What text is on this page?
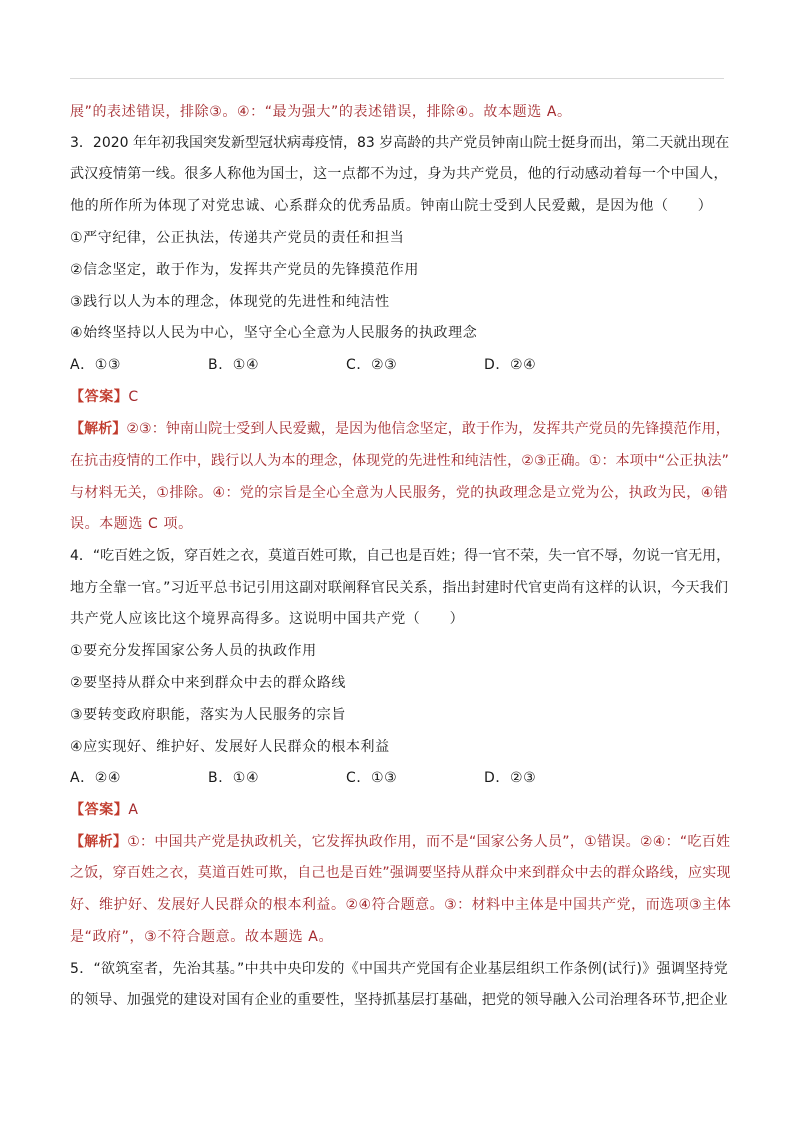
展”的表述错误，排除③。④：“最为强大”的表述错误，排除④。故本题选 A。
3．2020 年年初我国突发新型冠状病毒疫情，83 岁高龄的共产党员钟南山院士挺身而出，第二天就出现在
武汉疫情第一线。很多人称他为国士，这一点都不为过，身为共产党员，他的行动感动着每一个中国人，
他的所作所为体现了对党忠诚、心系群众的优秀品质。钟南山院士受到人民爱戴，是因为他（　　）
①严守纪律，公正执法，传递共产党员的责任和担当
②信念坚定，敢于作为，发挥共产党员的先锋摸范作用
③践行以人为本的理念，体现党的先进性和纯洁性
④始终坚持以人民为中心，坚守全心全意为人民服务的执政理念
A．①③	B．①④	C．②③	D．②④
【答案】C
【解析】②③：钟南山院士受到人民爱戴，是因为他信念坚定，敢于作为，发挥共产党员的先锋摸范作用，
在抗击疫情的工作中，践行以人为本的理念，体现党的先进性和纯洁性，②③正确。①：本项中“公正执法”
与材料无关，①排除。④：党的宗旨是全心全意为人民服务，党的执政理念是立党为公，执政为民，④错
误。本题选 C 项。
4．“吃百姓之饭，穿百姓之衣，莫道百姓可欺，自己也是百姓；得一官不荣，失一官不辱，勿说一官无用，
地方全靠一官。”习近平总书记引用这副对联阐释官民关系，指出封建时代官吏尚有这样的认识，今天我们
共产党人应该比这个境界高得多。这说明中国共产党（　　）
①要充分发挥国家公务人员的执政作用
②要坚持从群众中来到群众中去的群众路线
③要转变政府职能，落实为人民服务的宗旨
④应实现好、维护好、发展好人民群众的根本利益
A．②④	B．①④	C．①③	D．②③
【答案】A
【解析】①：中国共产党是执政机关，它发挥执政作用，而不是“国家公务人员”，①错误。②④：“吃百姓
之饭，穿百姓之衣，莫道百姓可欺，自己也是百姓”强调要坚持从群众中来到群众中去的群众路线，应实现
好、维护好、发展好人民群众的根本利益。②④符合题意。③：材料中主体是中国共产党，而选项③主体
是“政府”，③不符合题意。故本题选 A。
5．“欲筑室者，先治其基。”中共中央印发的《中国共产党国有企业基层组织工作条例(试行)》强调坚持党
的领导、加强党的建设对国有企业的重要性，坚持抓基层打基础，把党的领导融入公司治理各环节,把企业
